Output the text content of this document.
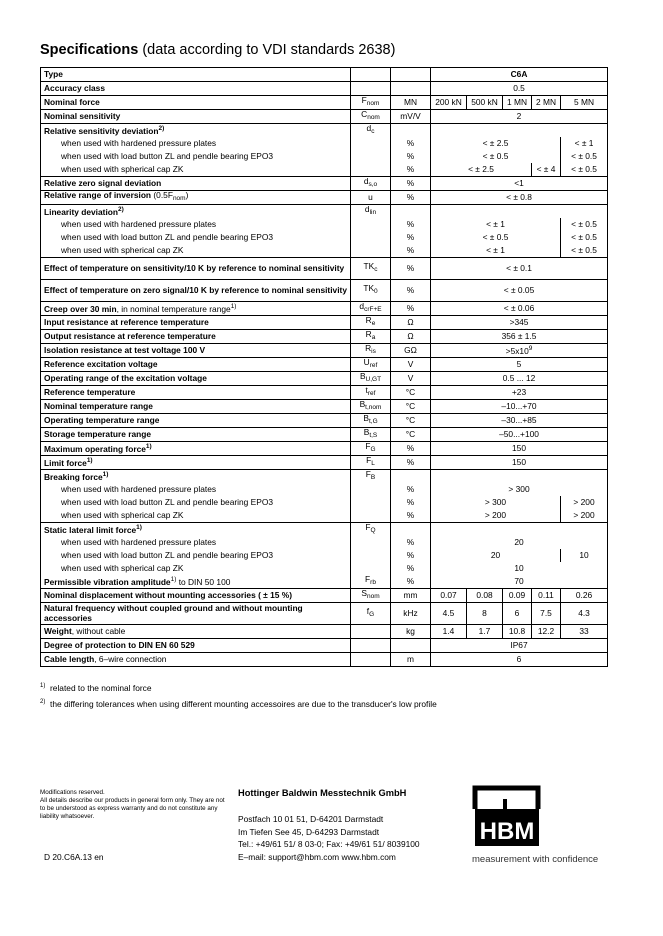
Specifications (data according to VDI standards 2638)
Type			C6A				
Accuracy class			0.5				
Nominal force	$F_{nom}$	MN	200 kN	500 kN	1 MN	2 MN	5 MN
Nominal sensitivity	$C_{nom}$	mV/V	2				
Relative sensitivity deviation$^{2)}$	$d_c$		
when used with hardened pressure plates		%	< ± 2.5				< ± 1
when used with load button ZL and pendle bearing EPO3		%	< ± 0.5				< ± 0.5
when used with spherical cap ZK		%	< ± 2.5			< ± 4	< ± 0.5
Relative zero signal deviation	$d_{s,o}$	%	<1				
Relative range of inversion $(0.5F_{nom})$	u	%	< ± 0.8				
Linearity deviation$^{2)}$	$d_{lin}$		
when used with hardened pressure plates		%	< ± 1				< ± 0.5
when used with load button ZL and pendle bearing EPO3		%	< ± 0.5				< ± 0.5
when used with spherical cap ZK		%	< ± 1				< ± 0.5
Effect of temperature on sensitivity/10 K by reference to nominal sensitivity	$TK_c$	%	< ± 0.1				
Effect of temperature on zero signal/10 K by reference to nominal sensitivity	$TK_0$	%	< ± 0.05				
Creep over 30 min, in nominal temperature range$^{1)}$	$d_{crF+E}$	%	< ± 0.06				
Input resistance at reference temperature	$R_e$	Ω	>345				
Output resistance at reference temperature	$R_a$	Ω	356 ± 1.5				
Isolation resistance at test voltage 100 V	$R_{is}$	GΩ	$>5x10^9$
Reference excitation voltage	$U_{ref}$	V	5				
Operating range of the excitation voltage	$B_{U,GT}$	V	0.5 ... 12				
Reference temperature	$t_{ref}$	°C	+23				
Nominal temperature range	$B_{t,nom}$	°C	–10...+70				
Operating temperature range	$B_{t,G}$	°C	–30...+85				
Storage temperature range	$B_{t,S}$	°C	–50...+100				
Maximum operating force$^{1)}$	$F_G$	%	150				
Limit force$^{1)}$	$F_L$	%	150				
Breaking force$^{1)}$	$F_B$		
when used with hardened pressure plates		%	> 300				
when used with load button ZL and pendle bearing EPO3		%	> 300				> 200
when used with spherical cap ZK		%	> 200				> 200
Static lateral limit force$^{1)}$	$F_Q$		
when used with hardened pressure plates		%	20				
when used with load button ZL and pendle bearing EPO3		%	20				10
when used with spherical cap ZK		%	10				
Permissible vibration amplitude$^{1)}$ to DIN 50 100	$F_{rb}$	%	70				
Nominal displacement without mounting accessories ( ± 15 %)	$S_{nom}$	mm	0.07	0.08	0.09	0.11	0.26
Natural frequency without coupled ground and without mounting accessories	$f_G$	kHz	4.5	8	6	7.5	4.3
Weight, without cable		kg	1.4	1.7	10.8	12.2	33
Degree of protection to DIN EN 60 529			IP67				
Cable length, 6–wire connection		m	6				
$^{1)}$ related to the nominal force
$^{2)}$ the differing tolerances when using different mounting accessoires are due to the transducer's low profile
Modifications reserved.
All details describe our products in general form only. They are not to be understood as express warranty and do not constitute any liability whatsoever.
D 20.C6A.13 en
Hottinger Baldwin Messtechnik GmbH
Postfach 10 01 51, D-64201 Darmstadt
Im Tiefen See 45, D-64293 Darmstadt
Tel.: +49/61 51/ 8 03-0; Fax: +49/61 51/ 8039100
E–mail: support@hbm.com www.hbm.com
HBM
measurement with confidence
